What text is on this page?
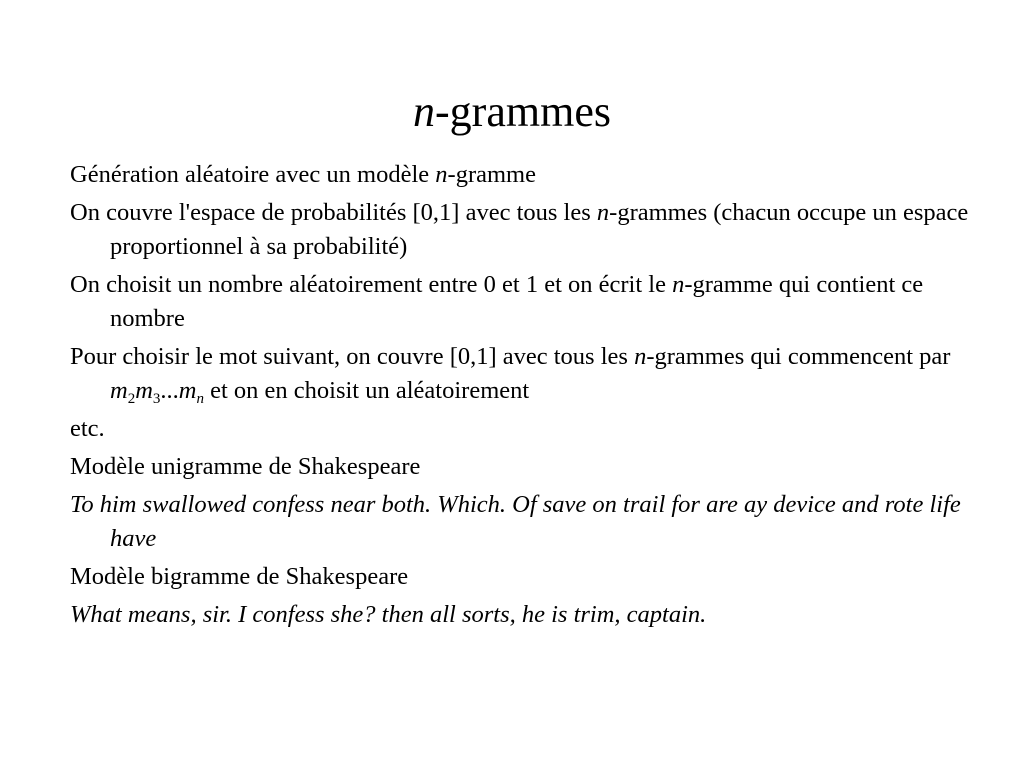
n-grammes
Génération aléatoire avec un modèle n-gramme
On couvre l'espace de probabilités [0,1] avec tous les n-grammes (chacun occupe un espace proportionnel à sa probabilité)
On choisit un nombre aléatoirement entre 0 et 1 et on écrit le n-gramme qui contient ce nombre
Pour choisir le mot suivant, on couvre [0,1] avec tous les n-grammes qui commencent par $m_2m_3...m_n$ et on en choisit un aléatoirement
etc.
Modèle unigramme de Shakespeare
To him swallowed confess near both. Which. Of save on trail for are ay device and rote life have
Modèle bigramme de Shakespeare
What means, sir. I confess she? then all sorts, he is trim, captain.
